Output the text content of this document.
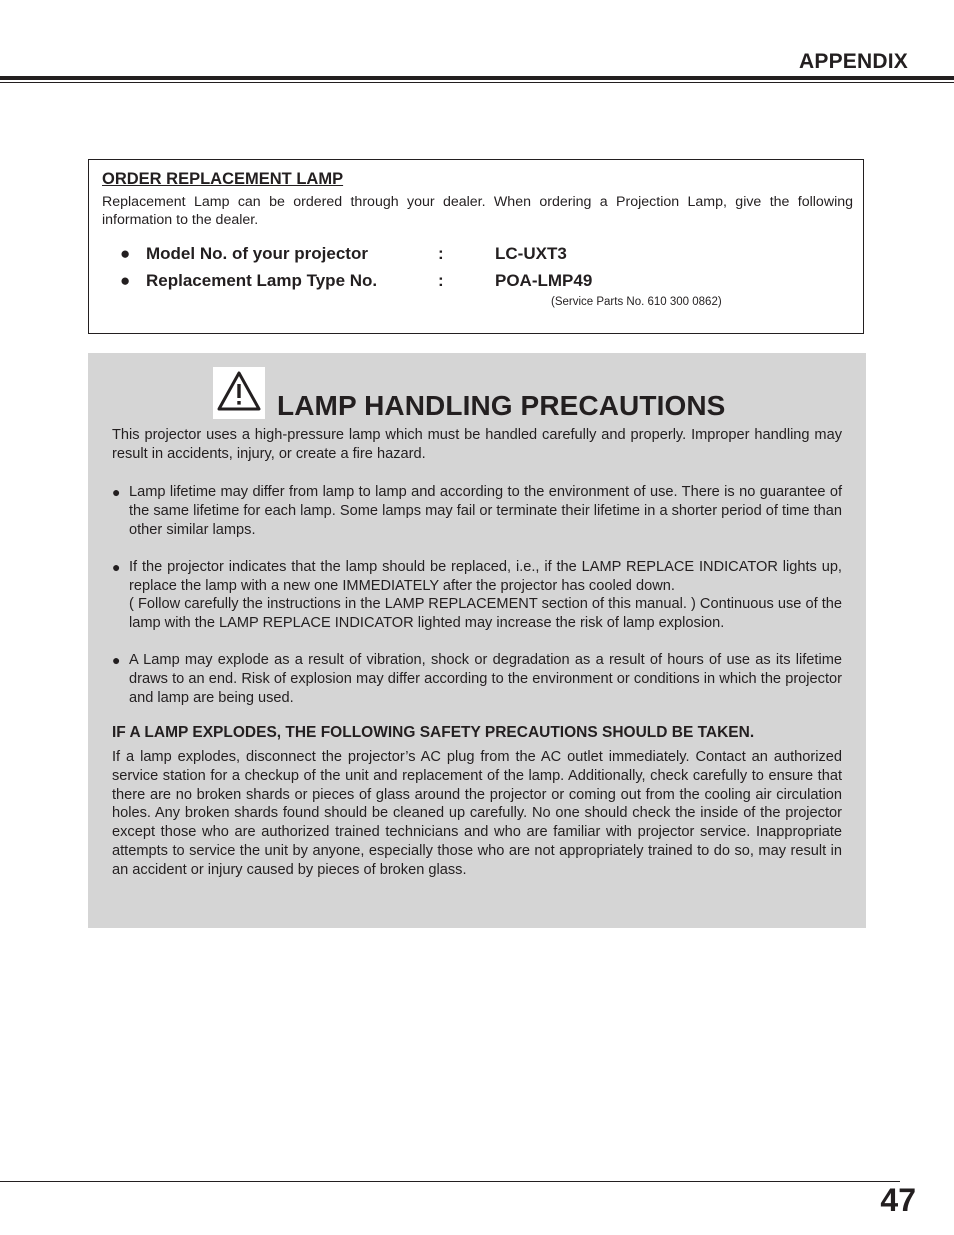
APPENDIX
ORDER REPLACEMENT LAMP
Replacement Lamp can be ordered through your dealer. When ordering a Projection Lamp, give the following information to the dealer.
● Model No. of your projector	:	LC-UXT3
● Replacement Lamp Type No.	:	POA-LMP49
(Service Parts No. 610 300 0862)
LAMP HANDLING PRECAUTIONS
This projector uses a high-pressure lamp which must be handled carefully and properly. Improper handling may result in accidents, injury, or create a fire hazard.
● Lamp lifetime may differ from lamp to lamp and according to the environment of use. There is no guarantee of the same lifetime for each lamp. Some lamps may fail or terminate their lifetime in a shorter period of time than other similar lamps.
● If the projector indicates that the lamp should be replaced, i.e., if the LAMP REPLACE INDICATOR lights up, replace the lamp with a new one IMMEDIATELY after the projector has cooled down.
( Follow carefully the instructions in the LAMP REPLACEMENT section of this manual. ) Continuous use of the lamp with the LAMP REPLACE INDICATOR lighted may increase the risk of lamp explosion.
● A Lamp may explode as a result of vibration, shock or degradation as a result of hours of use as its lifetime draws to an end. Risk of explosion may differ according to the environment or conditions in which the projector and lamp are being used.
IF A LAMP EXPLODES, THE FOLLOWING SAFETY PRECAUTIONS SHOULD BE TAKEN.
If a lamp explodes, disconnect the projector’s AC plug from the AC outlet immediately. Contact an authorized service station for a checkup of the unit and replacement of the lamp. Additionally, check carefully to ensure that there are no broken shards or pieces of glass around the projector or coming out from the cooling air circulation holes. Any broken shards found should be cleaned up carefully. No one should check the inside of the projector except those who are authorized trained technicians and who are familiar with projector service. Inappropriate attempts to service the unit by anyone, especially those who are not appropriately trained to do so, may result in an accident or injury caused by pieces of broken glass.
47
